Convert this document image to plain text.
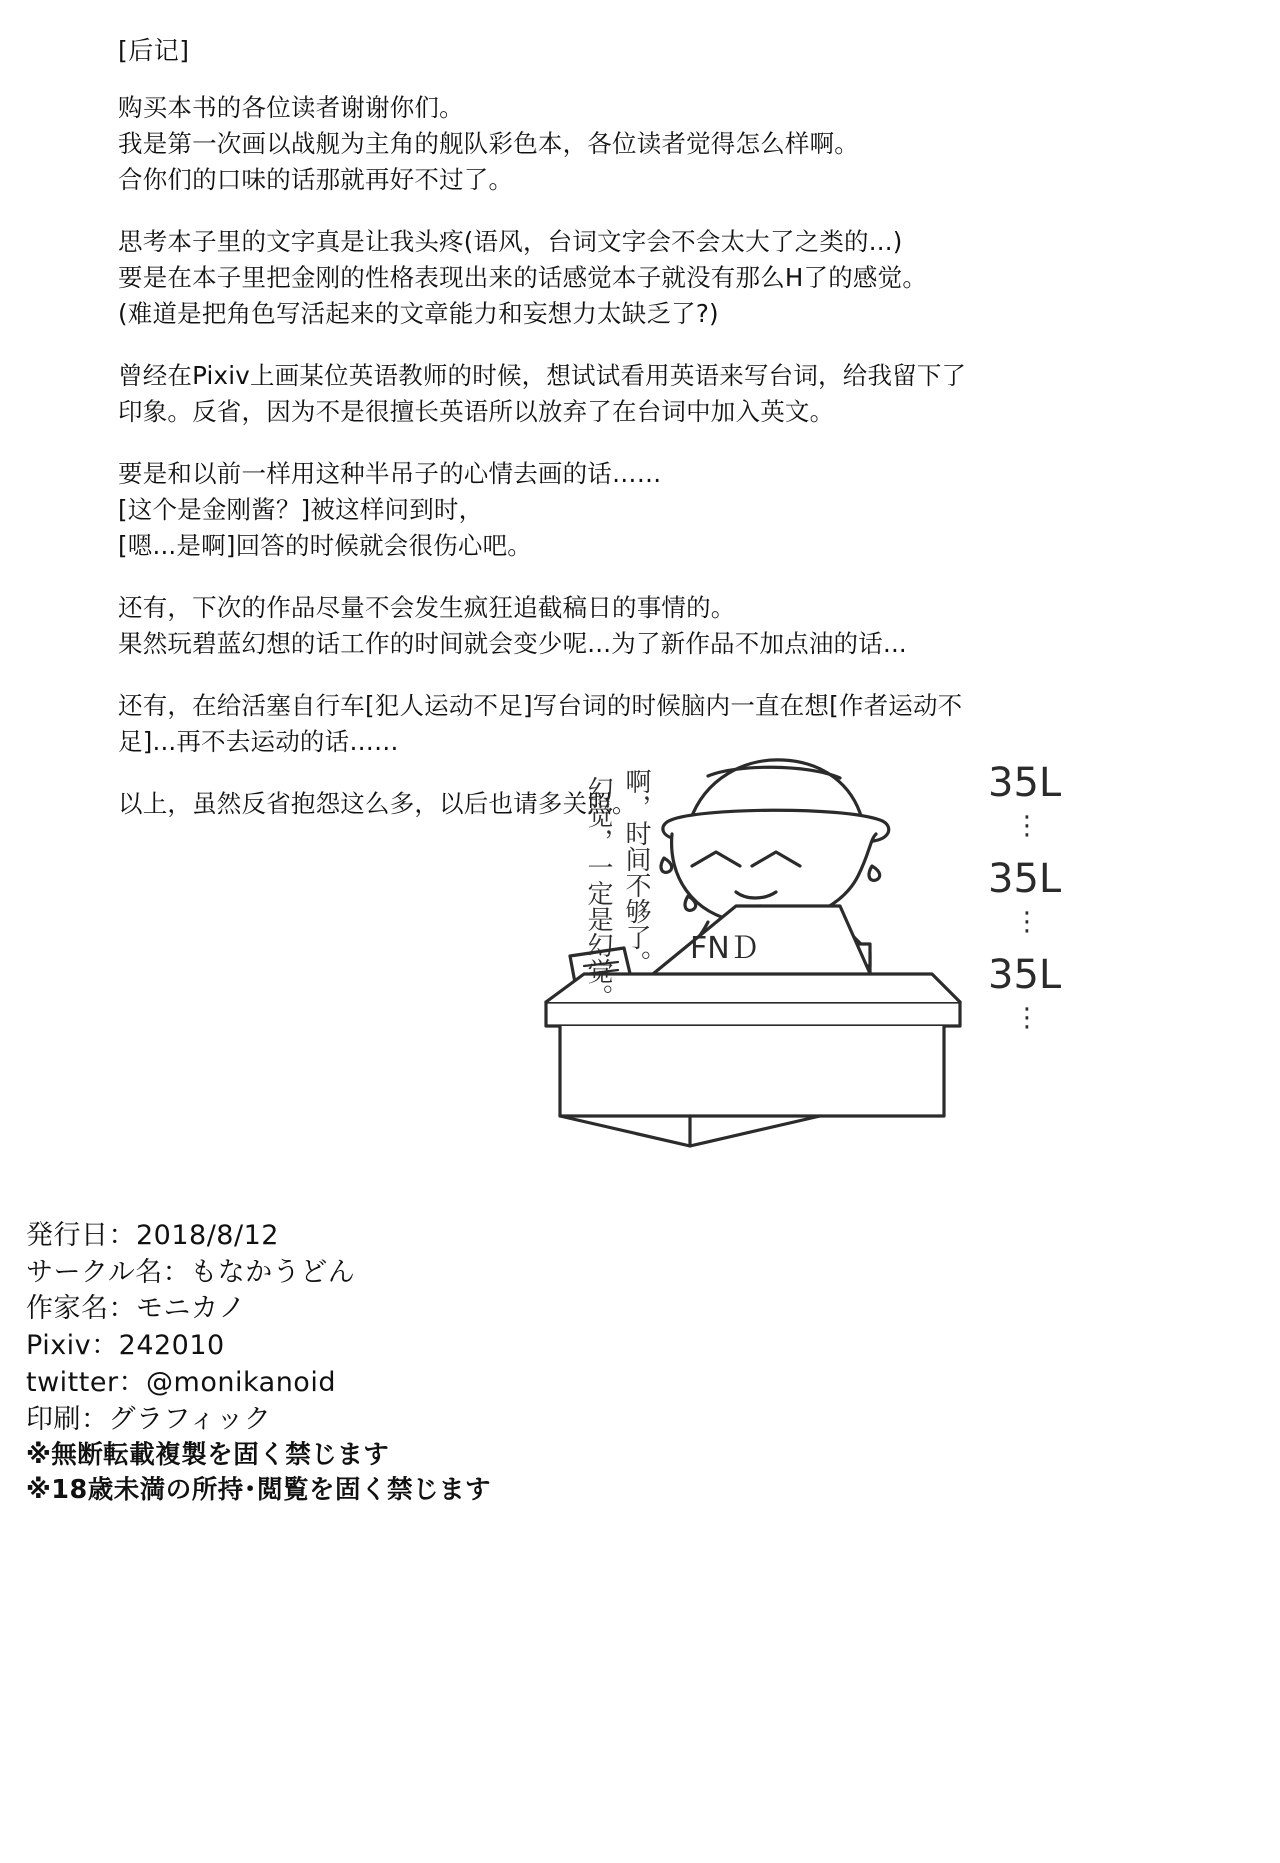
[后记]

购买本书的各位读者谢谢你们。
我是第一次画以战舰为主角的舰队彩色本，各位读者觉得怎么样啊。
合你们的口味的话那就再好不过了。

思考本子里的文字真是让我头疼(语风，台词文字会不会太大了之类的...)
要是在本子里把金刚的性格表现出来的话感觉本子就没有那么H了的感觉。
(难道是把角色写活起来的文章能力和妄想力太缺乏了?)

曾经在Pixiv上画某位英语教师的时候，想试试看用英语来写台词，给我留下了
印象。反省，因为不是很擅长英语所以放弃了在台词中加入英文。

要是和以前一样用这种半吊子的心情去画的话……
[这个是金刚酱？]被这样问到时，
[嗯...是啊]回答的时候就会很伤心吧。

还有，下次的作品尽量不会发生疯狂追截稿日的事情的。
果然玩碧蓝幻想的话工作的时间就会变少呢...为了新作品不加点油的话...

还有，在给活塞自行车[犯人运动不足]写台词的时候脑内一直在想[作者运动不
足]...再不去运动的话……

以上，虽然反省抱怨这么多，以后也请多关照。

FNＤ
幻觉，一定是幻觉。 啊，时间不够了。	35L
⋮
35L
⋮
35L
⋮
発行日：2018/8/12
サークル名：もなかうどん
作家名：モニカノ
Pixiv：242010
twitter：@monikanoid
印刷：グラフィック
※無断転載複製を固く禁じます
※18歳未満の所持･閲覧を固く禁じます
